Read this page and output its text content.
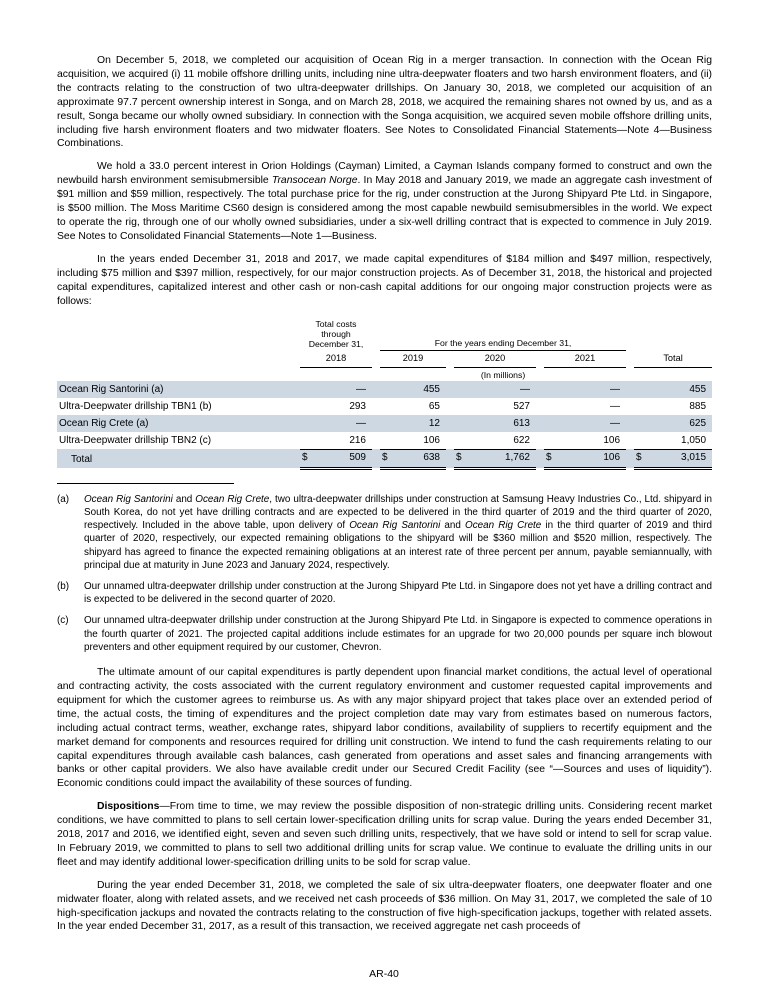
On December 5, 2018, we completed our acquisition of Ocean Rig in a merger transaction. In connection with the Ocean Rig acquisition, we acquired (i) 11 mobile offshore drilling units, including nine ultra-deepwater floaters and two harsh environment floaters, and (ii) the contracts relating to the construction of two ultra-deepwater drillships. On January 30, 2018, we completed our acquisition of an approximate 97.7 percent ownership interest in Songa, and on March 28, 2018, we acquired the remaining shares not owned by us, and as a result, Songa became our wholly owned subsidiary. In connection with the Songa acquisition, we acquired seven mobile offshore drilling units, including five harsh environment floaters and two midwater floaters. See Notes to Consolidated Financial Statements—Note 4—Business Combinations.

We hold a 33.0 percent interest in Orion Holdings (Cayman) Limited, a Cayman Islands company formed to construct and own the newbuild harsh environment semisubmersible Transocean Norge. In May 2018 and January 2019, we made an aggregate cash investment of $91 million and $59 million, respectively. The total purchase price for the rig, under construction at the Jurong Shipyard Pte Ltd. in Singapore, is $500 million. The Moss Maritime CS60 design is considered among the most capable newbuild semisubmersibles in the world. We expect to operate the rig, through one of our wholly owned subsidiaries, under a six-well drilling contract that is expected to commence in July 2019. See Notes to Consolidated Financial Statements—Note 1—Business.

In the years ended December 31, 2018 and 2017, we made capital expenditures of $184 million and $497 million, respectively, including $75 million and $397 million, respectively, for our major construction projects. As of December 31, 2018, the historical and projected capital expenditures, capitalized interest and other cash or non-cash capital additions for our ongoing major construction projects were as follows:

		Total costs
through
December 31,		For the years ending December 31,						
		2018		2019		2020		2021		Total
				(In millions)						
Ocean Rig Santorini (a)		—		455		—		—		455
Ultra-Deepwater drillship TBN1 (b)		293		65		527		—		885
Ocean Rig Crete (a)		—		12		613		—		625
Ultra-Deepwater drillship TBN2 (c)		216		106		622		106		1,050
Total		$ 509		$ 638		$ 1,762		$ 106		$ 3,015
(a) Ocean Rig Santorini and Ocean Rig Crete, two ultra-deepwater drillships under construction at Samsung Heavy Industries Co., Ltd. shipyard in South Korea, do not yet have drilling contracts and are expected to be delivered in the third quarter of 2019 and the third quarter of 2020, respectively. Included in the above table, upon delivery of Ocean Rig Santorini and Ocean Rig Crete in the third quarter of 2019 and third quarter of 2020, respectively, our expected remaining obligations to the shipyard will be $360 million and $520 million, respectively. The shipyard has agreed to finance the expected remaining obligations at an interest rate of three percent per annum, payable semiannually, with principal due at maturity in June 2023 and January 2024, respectively.
(b) Our unnamed ultra-deepwater drillship under construction at the Jurong Shipyard Pte Ltd. in Singapore does not yet have a drilling contract and is expected to be delivered in the second quarter of 2020.
(c) Our unnamed ultra-deepwater drillship under construction at the Jurong Shipyard Pte Ltd. in Singapore is expected to commence operations in the fourth quarter of 2021. The projected capital additions include estimates for an upgrade for two 20,000 pounds per square inch blowout preventers and other equipment required by our customer, Chevron.

The ultimate amount of our capital expenditures is partly dependent upon financial market conditions, the actual level of operational and contracting activity, the costs associated with the current regulatory environment and customer requested capital improvements and equipment for which the customer agrees to reimburse us. As with any major shipyard project that takes place over an extended period of time, the actual costs, the timing of expenditures and the project completion date may vary from estimates based on numerous factors, including actual contract terms, weather, exchange rates, shipyard labor conditions, availability of suppliers to recertify equipment and the market demand for components and resources required for drilling unit construction. We intend to fund the cash requirements relating to our capital expenditures through available cash balances, cash generated from operations and asset sales and financing arrangements with banks or other capital providers. We also have available credit under our Secured Credit Facility (see “—Sources and uses of liquidity”). Economic conditions could impact the availability of these sources of funding.

Dispositions—From time to time, we may review the possible disposition of non-strategic drilling units. Considering recent market conditions, we have committed to plans to sell certain lower-specification drilling units for scrap value. During the years ended December 31, 2018, 2017 and 2016, we identified eight, seven and seven such drilling units, respectively, that we have sold or intend to sell for scrap value. In February 2019, we committed to plans to sell two additional drilling units for scrap value. We continue to evaluate the drilling units in our fleet and may identify additional lower-specification drilling units to be sold for scrap value.

During the year ended December 31, 2018, we completed the sale of six ultra-deepwater floaters, one deepwater floater and one midwater floater, along with related assets, and we received net cash proceeds of $36 million. On May 31, 2017, we completed the sale of 10 high-specification jackups and novated the contracts relating to the construction of five high-specification jackups, together with related assets. In the year ended December 31, 2017, as a result of this transaction, we received aggregate net cash proceeds of

AR-40
